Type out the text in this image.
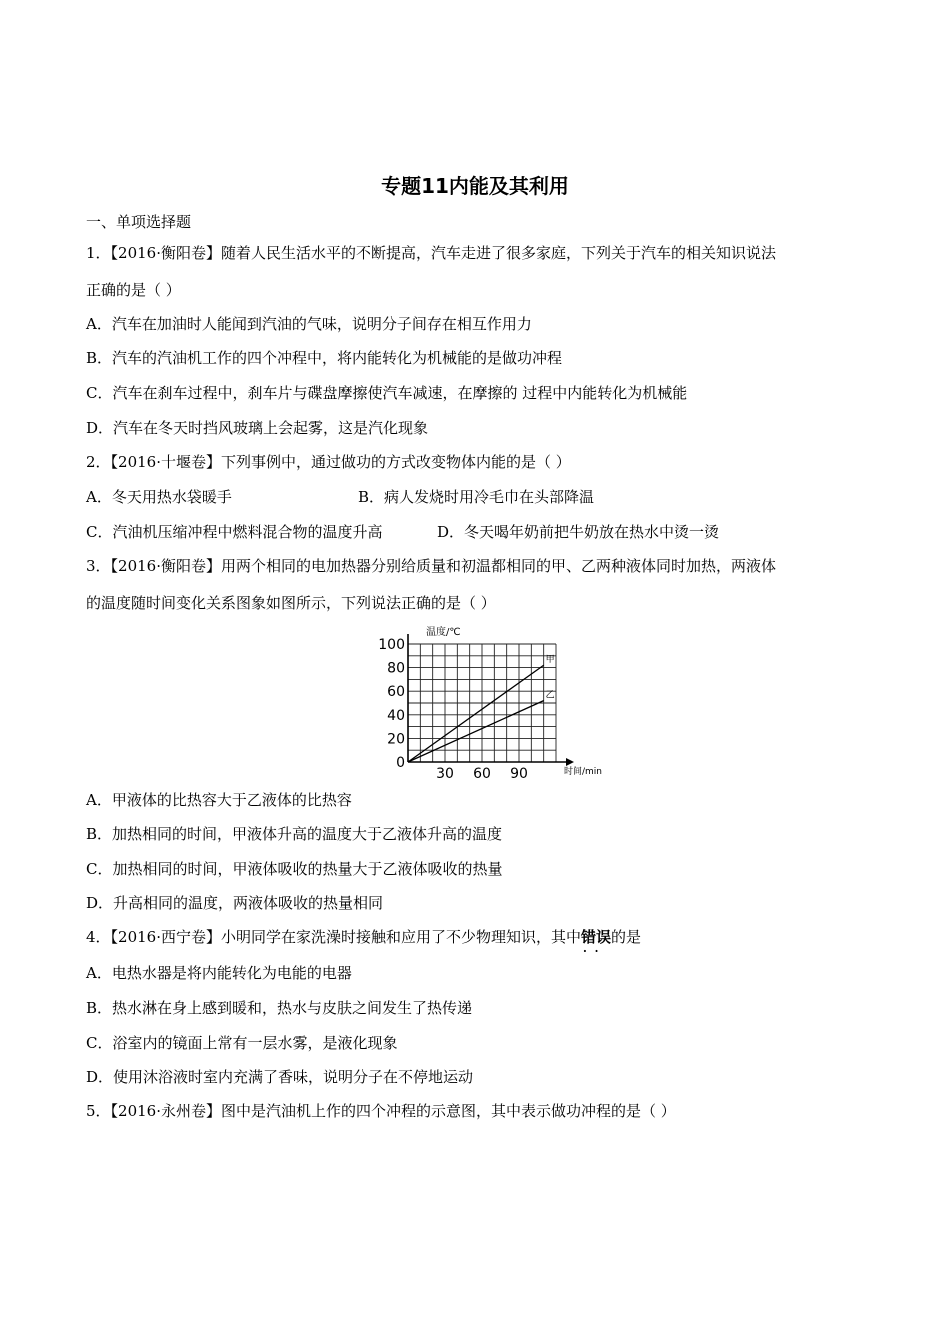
专题11内能及其利用
一、单项选择题
1．【2016·衡阳卷】随着人民生活水平的不断提高，汽车走进了很多家庭，下列关于汽车的相关知识说法
正确的是（ ）
A．汽车在加油时人能闻到汽油的气味，说明分子间存在相互作用力
B．汽车的汽油机工作的四个冲程中，将内能转化为机械能的是做功冲程
C．汽车在刹车过程中，刹车片与碟盘摩擦使汽车减速，在摩擦的 过程中内能转化为机械能
D．汽车在冬天时挡风玻璃上会起雾，这是汽化现象
2．【2016·十堰卷】下列事例中，通过做功的方式改变物体内能的是（ ）
A．冬天用热水袋暖手	B．病人发烧时用冷毛巾在头部降温
C．汽油机压缩冲程中燃料混合物的温度升高	D．冬天喝年奶前把牛奶放在热水中烫一烫
3．【2016·衡阳卷】用两个相同的电加热器分别给质量和初温都相同的甲、乙两种液体同时加热，两液体
的温度随时间变化关系图象如图所示，下列说法正确的是（ ）
甲
乙
0
20
40
60
80
100
30 60 90
温度/℃
时间/min
A．甲液体的比热容大于乙液体的比热容
B．加热相同的时间，甲液体升高的温度大于乙液体升高的温度
C．加热相同的时间，甲液体吸收的热量大于乙液体吸收的热量
D．升高相同的温度，两液体吸收的热量相同
4．【2016·西宁卷】小明同学在家洗澡时接触和应用了不少物理知识，其中错误 · ·的是
A．电热水器是将内能转化为电能的电器
B．热水淋在身上感到暖和，热水与皮肤之间发生了热传递
C．浴室内的镜面上常有一层水雾，是液化现象
D．使用沐浴液时室内充满了香味，说明分子在不停地运动
5．【2016·永州卷】图中是汽油机上作的四个冲程的示意图，其中表示做功冲程的是（ ）
